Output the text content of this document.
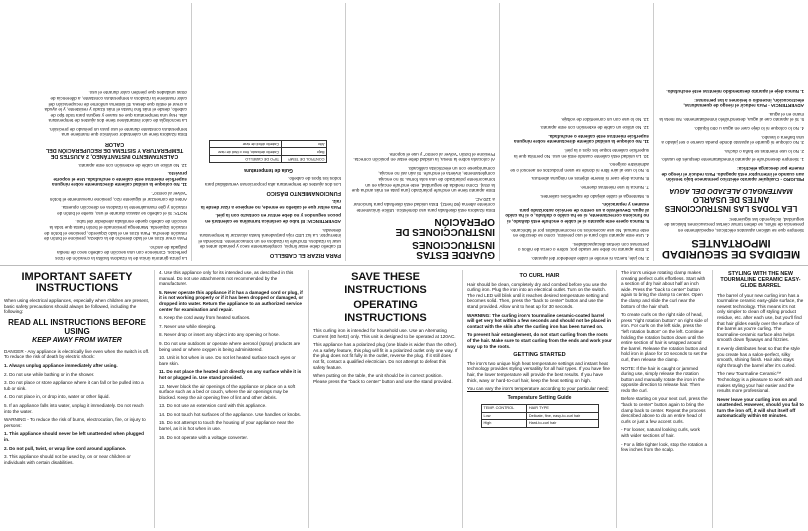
MEDIDAS DE SEGURIDAD IMPORTANTES

Siempre que se utilicen aparatos eléctricos, especialmente en presencia de niños, se deben tomar ciertas precauciones básicas de seguridad, incluyendo las siguientes:

LEA TODAS LAS INSTRUCCIONES ANTES DE USARLO
MANTENGALO ALEJADO DEL AGUA

PELIGRO - Cualquier aparato eléctrico permanece bajo tensión aun cuando el interruptor está apagado. Para reducir el riesgo de muerte por descarga eléctrica:

1. Siempre desenchufe el aparato inmediatamente después de usarlo.

2. No lo use mientras se baña o ducha.

3. No coloque ni guarde el aparato donde pueda caerse o ser jalado a una bañera o lavabo.

4. No lo coloque ni lo deje caer en agua u otro líquido.

5. Si el aparato cae al agua, desenchúfelo inmediatamente. No meta la mano en el agua.

ADVERTENCIA - Para reducir el riesgo de quemaduras, electrocución, incendio o lesiones a las personas:

1. Nunca deje el aparato desatendido mientras esté enchufado.

2. No jale, tuerza ni enrolle el cable alrededor del aparato.

3. Este aparato no debe ser usado por, sobre o cerca de niños o personas con ciertas discapacidades.

4. Use este aparato sólo para el uso previsto, como se describe en este manual. No use accesorios no recomendados por el fabricante.

5. Nunca opere este aparato si el cable o enchufe está dañado, si no funciona correctamente, si se ha caído o dañado, o si ha caído al agua. Devuélvalo a un centro de servicio autorizado para examen y reparación.

6. Mantenga el cable alejado de superficies calientes.

7. Nunca lo use mientras duerme.

8. Nunca deje caer ni inserte objetos en ninguna abertura.

9. No lo use al aire libre ni donde se usen productos en aerosol o se administre oxígeno.

10. La unidad está caliente cuando está en uso. No permita que la superficie caliente toque los ojos o la piel.

11. No coloque la unidad caliente directamente sobre ninguna superficie mientras esté caliente o enchufada.

12. No utilice un cable de extensión con este aparato.

13. No lo use con un convertidor de voltaje.

GUARDE ESTAS INSTRUCCIONES
INSTRUCCIONES DE OPERACIÓN

Esta rizadora está diseñada para uso doméstico. Utilice únicamente corriente alterna (60 hertz). Esta unidad está diseñada para funcionar a 120 AC.

Este aparato tiene un enchufe polarizado (una pata es más ancha que la otra). Como medida de seguridad, este enchufe encaja en un tomacorriente polarizado de una sola forma. Si no encaja completamente, invierta el enchufe. Si aún así no encaja, comuníquese con un electricista calificado.

Al colocarla sobre la mesa, la unidad debe estar en posición correcta. Presione el botón "volver al centro" y use el soporte.

PARA RIZAR EL CABELLO

El cabello debe estar limpio, completamente seco y peinado antes de usar la rizadora. Enchufe la rizadora en un tomacorriente. Encienda el interruptor. La luz LED roja parpadeará hasta alcanzar la temperatura deseada.

ADVERTENCIA: El tubo de cerámica turmalina se calentará en pocos segundos y no debe entrar en contacto con la piel.

Para evitar que el cabello se enrede, no empiece a rizar desde la raíz.

FUNCIONAMIENTO BÁSICO

Los dos ajustes de temperatura alta proporcionan versatilidad para todos los tipos de cabello.

Guía de temperatura
CONTROL DE TEMP.	TIPO DE CABELLO
Bajo	Cabello delicado, fino o fácil de rizar
Alto	Cabello difícil de rizar

La pinza giratoria única de la rizadora facilita la creación de rizos perfectos. Comience con una sección de cabello seco de media pulgada de ancho.

Para crear rizos en el lado derecho de la cabeza, presione el botón de rotación derecha. Para rizos en el lado izquierdo, presione el botón de rotación izquierda. Mantenga presionado el botón hasta que toda la sección de cabello quede enrollada alrededor del tubo.

NOTA: Si el cabello se atasca durante el uso, suelte el botón de rotación y gire manualmente la rizadora en dirección opuesta.

Antes de comenzar el siguiente rizo, presione nuevamente el botón "volver al centro".

11. No coloque la unidad caliente directamente sobre ninguna superficie mientras esté caliente o enchufada. Use el soporte provisto.

12. No utilice un cable de extensión con este aparato.

CALENTAMIENTO INSTANTÁNEO, 2 AJUSTES DE TEMPERATURA Y SISTEMA DE RECUPERACIÓN DEL CALOR

Esta rizadora tiene un calentador cerámico que mantiene una temperatura constante durante el uso para un peinado de precisión.

La tecnología de calor instantáneo tiene dos ajustes de temperatura alta. Hay una temperatura que es suave y segura para todo tipo de cabello, desde el más fino hasta el más rizado y resistente, y le ayuda a crear el estilo que desea. El sistema uniforme de recuperación del calor mantiene la rizadora a temperatura constante, a diferencia de otras unidades que pierden calor durante el uso.

IMPORTANT SAFETY INSTRUCTIONS

When using electrical appliances, especially when children are present, basic safety precautions should always be followed, including the following:

READ ALL INSTRUCTIONS BEFORE USING
KEEP AWAY FROM WATER

DANGER - Any appliance is electrically live even when the switch is off. To reduce the risk of death by electric shock:

1. Always unplug appliance immediately after using.

2. Do not use while bathing or in the shower.

3. Do not place or store appliance where it can fall or be pulled into a tub or sink.

4. Do not place in, or drop into, water or other liquid.

5. If an appliance falls into water, unplug it immediately. Do not reach into the water.

WARNING - To reduce the risk of burns, electrocution, fire, or injury to persons:

1. This appliance should never be left unattended when plugged in.

2. Do not pull, twist, or wrap line cord around appliance.

3. This appliance should not be used by, on or near children or individuals with certain disabilities.

4. Use this appliance only for its intended use, as described in this manual. Do not use attachments not recommended by the manufacturer.

5. Never operate this appliance if it has a damaged cord or plug, if it is not working properly or if it has been dropped or damaged, or dropped into water. Return the appliance to an authorized service center for examination and repair.

6. Keep the cord away from heated surfaces.

7. Never use while sleeping.

8. Never drop or insert any object into any opening or hose.

9. Do not use outdoors or operate where aerosol (spray) products are being used or where oxygen is being administered.

10. Unit is hot when in use. Do not let heated surface touch eyes or bare skin.

11. Do not place the heated unit directly on any surface while it is hot or plugged in. Use stand provided.

12. Never block the air openings of the appliance or place on a soft surface such as a bed or couch, where the air openings may be blocked. Keep the air opening free of lint and other debris.

13. Do not use an extension cord with this appliance.

14. Do not touch hot surfaces of the appliance. Use handles or knobs.

15. Do not attempt to touch the housing of your appliance near the barrel, as it is hot when in use.

16. Do not operate with a voltage converter.

SAVE THESE
INSTRUCTIONS
OPERATING
INSTRUCTIONS

This curling iron is intended for household use. Use an Alternating Current (60 hertz) only. This unit is designed to be operated at 120AC.

This appliance has a polarized plug (one blade is wider than the other). As a safety feature, this plug will fit in a polarized outlet only one way. If the plug does not fit fully in the outlet, reverse the plug. If it still does not fit, contact a qualified electrician. Do not attempt to defeat this safety feature.

When putting on the table, the unit should be in correct position. Please press the "back to center" button and use the stand provided.

TO CURL HAIR

Hair should be clean, completely dry and combed before you use the curling iron. Plug the iron into an electrical outlet. Turn on the switch. The red LED will blink until it reaches desired temperature setting and becomes solid. Then, press the "back to center" button and use the stand provided. Allow unit to heat up for 30 seconds.

WARNING: The curling iron's tourmaline ceramic-coated barrel will get very hot within a few seconds and should not be placed in contact with the skin after the curling iron has been turned on.

To prevent hair entanglement, do not start curling from the roots of the hair. Make sure to start curling from the ends and work your way up to the roots.

GETTING STARTED

The iron's two unique high heat temperature settings and instant heat technology provides styling versatility for all hair types. If you have fine hair, the lower temperature will provide the best results. If you have thick, wavy or hard-to-curl hair, keep the heat setting on high.

You can vary the iron's temperature according to your particular need:

Temperature Setting Guide
TEMP. CONTROL	HAIR TYPE
Low	Delicate, fine, easy-to-curl hair
High	Hard-to-curl hair

The iron's unique rotating clamp makes creating perfect curls effortless. Start with a section of dry hair about half an inch wide. Press the "back to center" button again to bring the clamp to center. Open the clamp and slide the curl near the bottom of the hair shaft.

To create curls on the right side of head, press "right rotation button" on right side of iron. For curls on the left side, press the "left rotation button" on the left. Continue holding the rotation button down until the entire section of hair is wrapped around the barrel. Release the rotation button and hold iron in place for 10 seconds to set the curl, then release the clamp.

NOTE: If the hair is caught or jammed during use, simply release the rotation button and manually rotate the iron in the opposite direction to release hair. Then redo the curl.

Before starting on your next curl, press the "back to center" button again to bring the clamp back to center. Repeat the process described above to do an entire head of curls or just a few accent curls.

- For looser, natural looking curls, work with wider sections of hair.

- For a little tighter look, stop the rotation a few inches from the scalp.

STYLING WITH THE NEW TOURMALINE CERAMIC EASY-GLIDE BARREL

The barrel of your new curling iron has a tourmaline ceramic easy-glide surface, the newest technology. This means it's not only simpler to clean off styling product residue, etc. after each use, but you'll find that hair glides easily over the surface of the barrel as you're curling. The tourmaline-ceramic surface also helps smooth down flyaways and frizzies.

It evenly distributes heat so that the style you create has a salon-perfect, silky smooth, shining finish. Hair also stays right through the barrel after it's curled.

The new Tourmaline Ceramic™ Technology is a pleasure to work with and makes styling your hair easier and the results more professional.

Never leave your curling iron on and unattended. However, should you fail to turn the iron off, it will shut itself off automatically within 60 minutes.
